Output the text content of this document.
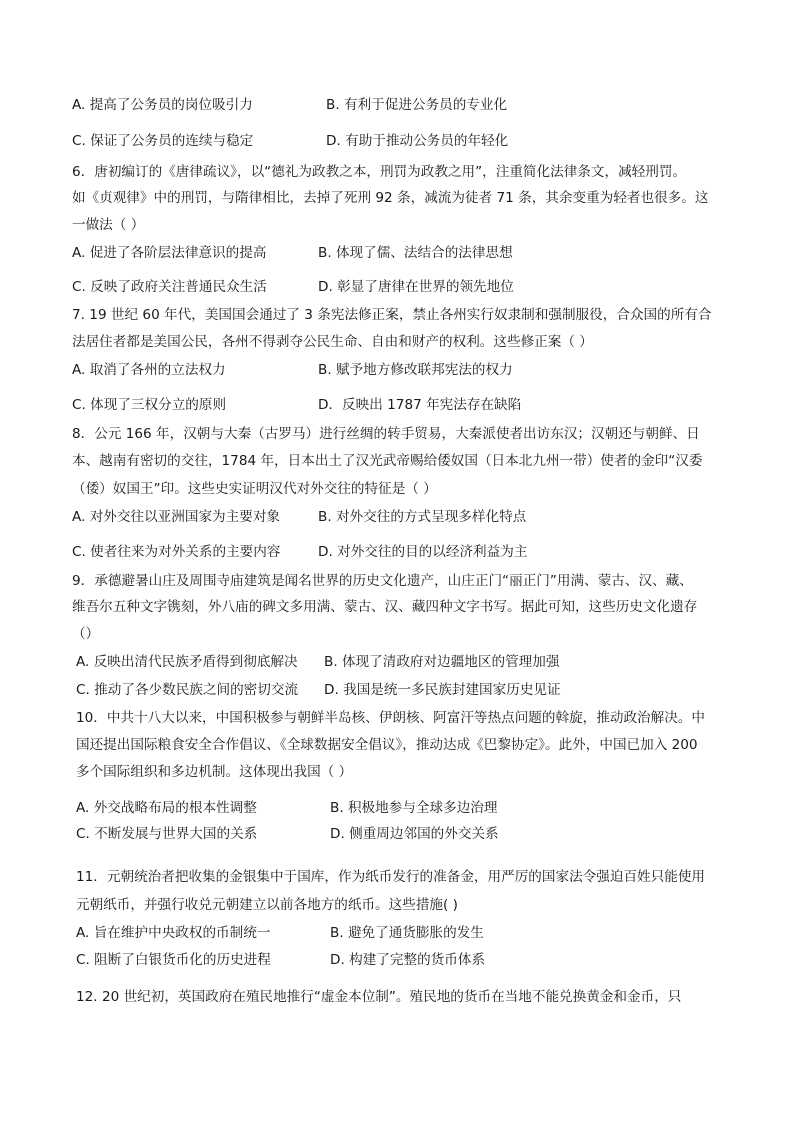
A. 提高了公务员的岗位吸引力	B. 有利于促进公务员的专业化
C. 保证了公务员的连续与稳定	D. 有助于推动公务员的年轻化
6．唐初编订的《唐律疏议》，以“德礼为政教之本，刑罚为政教之用”，注重简化法律条文，减轻刑罚。
如《贞观律》中的刑罚，与隋律相比，去掉了死刑 92 条，减流为徒者 71 条，其余变重为轻者也很多。这
一做法（ ）
A. 促进了各阶层法律意识的提高	B. 体现了儒、法结合的法律思想
C. 反映了政府关注普通民众生活	D. 彰显了唐律在世界的领先地位
7. 19 世纪 60 年代，美国国会通过了 3 条宪法修正案，禁止各州实行奴隶制和强制服役，合众国的所有合
法居住者都是美国公民，各州不得剥夺公民生命、自由和财产的权利。这些修正案（ ）
A. 取消了各州的立法权力	B. 赋予地方修改联邦宪法的权力
C. 体现了三权分立的原则	D．反映出 1787 年宪法存在缺陷
8．公元 166 年，汉朝与大秦（古罗马）进行丝绸的转手贸易，大秦派使者出访东汉；汉朝还与朝鲜、日
本、越南有密切的交往，1784 年，日本出土了汉光武帝赐给倭奴国（日本北九州一带）使者的金印“汉委
（倭）奴国王”印。这些史实证明汉代对外交往的特征是（ ）
A. 对外交往以亚洲国家为主要对象	B. 对外交往的方式呈现多样化特点
C. 使者往来为对外关系的主要内容	D. 对外交往的目的以经济利益为主
9．承德避暑山庄及周围寺庙建筑是闻名世界的历史文化遗产，山庄正门“丽正门”用满、蒙古、汉、藏、
维吾尔五种文字镌刻，外八庙的碑文多用满、蒙古、汉、藏四种文字书写。据此可知，这些历史文化遗存
（）
A. 反映出清代民族矛盾得到彻底解决 B. 体现了清政府对边疆地区的管理加强
C. 推动了各少数民族之间的密切交流 D. 我国是统一多民族封建国家历史见证
10．中共十八大以来，中国积极参与朝鲜半岛核、伊朗核、阿富汗等热点问题的斡旋，推动政治解决。中
国还提出国际粮食安全合作倡议、《全球数据安全倡议》，推动达成《巴黎协定》。此外，中国已加入 200
多个国际组织和多边机制。这体现出我国（ ）
A. 外交战略布局的根本性调整	B. 积极地参与全球多边治理
C. 不断发展与世界大国的关系	D. 侧重周边邻国的外交关系
11．元朝统治者把收集的金银集中于国库，作为纸币发行的准备金，用严厉的国家法令强迫百姓只能使用
元朝纸币，并强行收兑元朝建立以前各地方的纸币。这些措施( )
A. 旨在维护中央政权的币制统一	B. 避免了通货膨胀的发生
C. 阻断了白银货币化的历史进程	D. 构建了完整的货币体系
12. 20 世纪初，英国政府在殖民地推行“虚金本位制”。殖民地的货币在当地不能兑换黄金和金币，只
